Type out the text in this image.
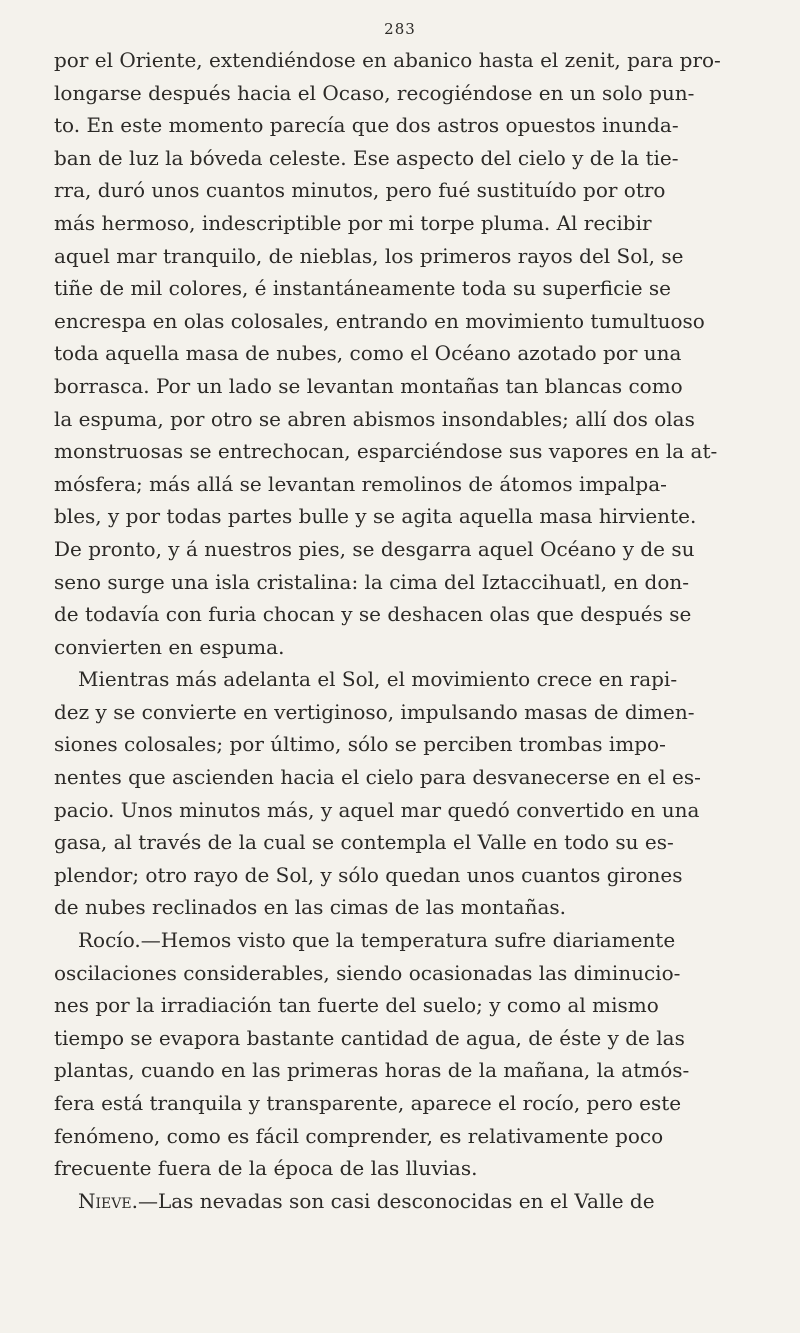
283
por el Oriente, extendiéndose en abanico hasta el zenit, para pro-
longarse después hacia el Ocaso, recogiéndose en un solo pun-
to. En este momento parecía que dos astros opuestos inunda-
ban de luz la bóveda celeste. Ese aspecto del cielo y de la tie-
rra, duró unos cuantos minutos, pero fué sustituído por otro
más hermoso, indescriptible por mi torpe pluma. Al recibir
aquel mar tranquilo, de nieblas, los primeros rayos del Sol, se
tiñe de mil colores, é instantáneamente toda su superficie se
encrespa en olas colosales, entrando en movimiento tumultuoso
toda aquella masa de nubes, como el Océano azotado por una
borrasca. Por un lado se levantan montañas tan blancas como
la espuma, por otro se abren abismos insondables; allí dos olas
monstruosas se entrechocan, esparciéndose sus vapores en la at-
mósfera; más allá se levantan remolinos de átomos impalpa-
bles, y por todas partes bulle y se agita aquella masa hirviente.
De pronto, y á nuestros pies, se desgarra aquel Océano y de su
seno surge una isla cristalina: la cima del Iztaccihuatl, en don-
de todavía con furia chocan y se deshacen olas que después se
convierten en espuma.
Mientras más adelanta el Sol, el movimiento crece en rapi-
dez y se convierte en vertiginoso, impulsando masas de dimen-
siones colosales; por último, sólo se perciben trombas impo-
nentes que ascienden hacia el cielo para desvanecerse en el es-
pacio. Unos minutos más, y aquel mar quedó convertido en una
gasa, al través de la cual se contempla el Valle en todo su es-
plendor; otro rayo de Sol, y sólo quedan unos cuantos girones
de nubes reclinados en las cimas de las montañas.
Rocío.—Hemos visto que la temperatura sufre diariamente
oscilaciones considerables, siendo ocasionadas las diminucio-
nes por la irradiación tan fuerte del suelo; y como al mismo
tiempo se evapora bastante cantidad de agua, de éste y de las
plantas, cuando en las primeras horas de la mañana, la atmós-
fera está tranquila y transparente, aparece el rocío, pero este
fenómeno, como es fácil comprender, es relativamente poco
frecuente fuera de la época de las lluvias.
Nieve.—Las nevadas son casi desconocidas en el Valle de
